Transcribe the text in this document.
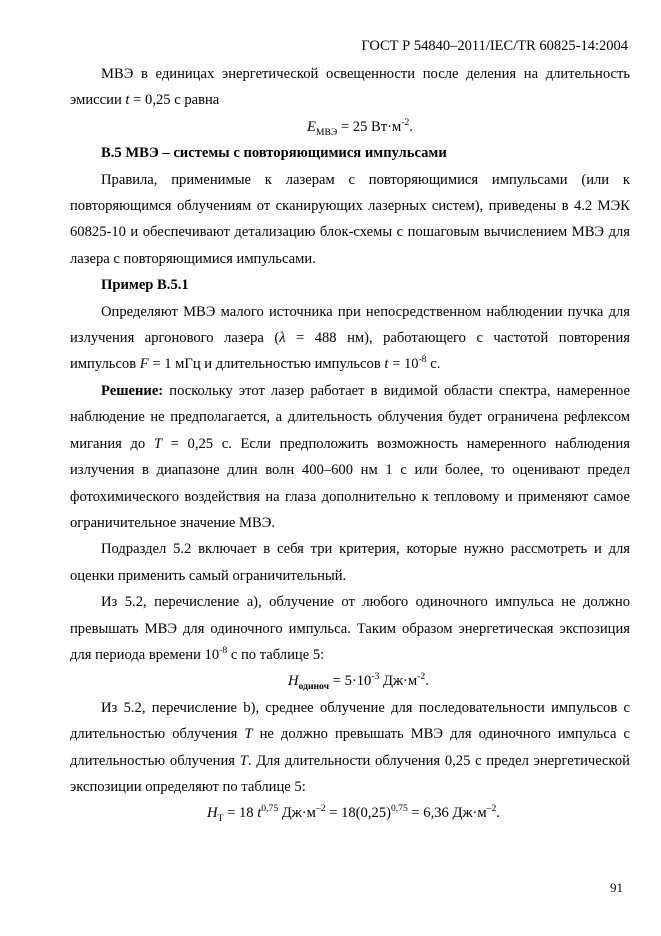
ГОСТ Р 54840–2011/IEC/TR 60825-14:2004

МВЭ в единицах энергетической освещенности после деления на длительность эмиссии t = 0,25 с равна

$E_{МВЭ} = 25$ $Вт\cdot м^{-2}$.

В.5 МВЭ – системы с повторяющимися импульсами

Правила, применимые к лазерам с повторяющимися импульсами (или к повторяющимся облучениям от сканирующих лазерных систем), приведены в 4.2 МЭК 60825-10 и обеспечивают детализацию блок-схемы с пошаговым вычислением МВЭ для лазера с повторяющимися импульсами.

Пример В.5.1

Определяют МВЭ малого источника при непосредственном наблюдении пучка для излучения аргонового лазера (λ = 488 нм), работающего с частотой повторения импульсов F = 1 мГц и длительностью импульсов $t = 10^{-8}$ с.

Решение: поскольку этот лазер работает в видимой области спектра, намеренное наблюдение не предполагается, а длительность облучения будет ограничена рефлексом мигания до T = 0,25 с. Если предположить возможность намеренного наблюдения излучения в диапазоне длин волн 400–600 нм 1 с или более, то оценивают предел фотохимического воздействия на глаза дополнительно к тепловому и применяют самое ограничительное значение МВЭ.

Подраздел 5.2 включает в себя три критерия, которые нужно рассмотреть и для оценки применить самый ограничительный.

Из 5.2, перечисление a), облучение от любого одиночного импульса не должно превышать МВЭ для одиночного импульса. Таким образом энергетическая экспозиция для периода времени $10^{-8}$ с по таблице 5:

$H_{одиноч} = 5\cdot 10^{-3}$ $Дж\cdot м^{-2}$.

Из 5.2, перечисление b), среднее облучение для последовательности импульсов с длительностью облучения T не должно превышать МВЭ для одиночного импульса с длительностью облучения T. Для длительности облучения 0,25 с предел энергетической экспозиции определяют по таблице 5:

$H_T = 18$ $t^{0,75}$ $Дж\cdot м^{-2} = 18(0,25)^{0,75} = 6,36$ $Дж\cdot м^{-2}$.

91
